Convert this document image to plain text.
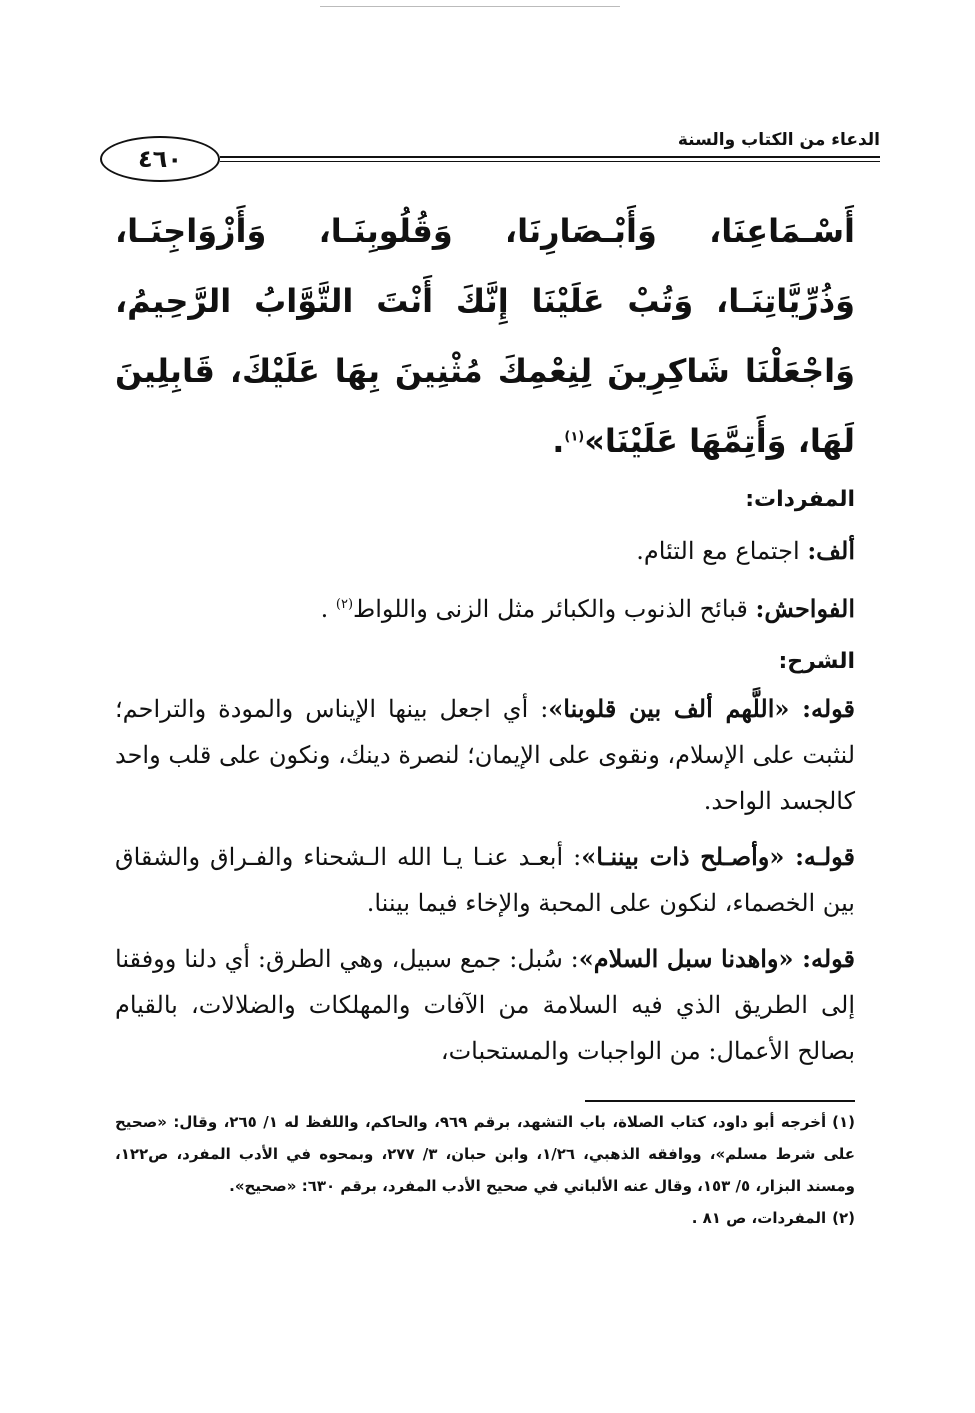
الدعاء من الكتاب والسنة
٤٦٠

أَسْـمَاعِنَا، وَأَبْـصَارِنَا، وَقُلُوبِنَـا، وَأَزْوَاجِنَـا، وَذُرِّيَّاتِنَـا، وَتُبْ عَلَيْنَا إِنَّكَ أَنْتَ التَّوَّابُ الرَّحِيمُ، وَاجْعَلْنَا شَاكِرِينَ لِنِعْمِكَ مُثْنِينَ بِهَا عَلَيْكَ، قَابِلِينَ لَهَا، وَأَتِمَّهَا عَلَيْنَا»$^{(١)}$.

المفردات:

ألف: اجتماع مع التئام.

الفواحش: قبائح الذنوب والكبائر مثل الزنى واللواط$^{(٢)}$ .

الشرح:

قوله: «اللَّهم ألف بين قلوبنا»: أي اجعل بينها الإيناس والمودة والتراحم؛ لنثبت على الإسلام، ونقوى على الإيمان؛ لنصرة دينك، ونكون على قلب واحد كالجسد الواحد.

قولـه: «وأصـلح ذات بيننـا»: أبعـد عنـا يـا الله الـشحناء والفـراق والشقاق بين الخصماء، لنكون على المحبة والإخاء فيما بيننا.

قوله: «واهدنا سبل السلام»: سُبل: جمع سبيل، وهي الطرق: أي دلنا ووفقنا إلى الطريق الذي فيه السلامة من الآفات والمهلكات والضلالات، بالقيام بصالح الأعمال: من الواجبات والمستحبات،

(١)أخرجه أبو داود، كتاب الصلاة، باب التشهد، برقم ٩٦٩، والحاكم، واللفظ له ١/ ٢٦٥، وقال: «صحيح على شرط مسلم»، ووافقه الذهبي، ١/٢٦، وابن حبان، ٣/ ٢٧٧، وبمحوه في الأدب المفرد، ص١٢٢، ومسند البزار، ٥/ ١٥٣، وقال عنه الألباني في صحيح الأدب المفرد، برقم ٦٣٠: «صحيح».

(٢)المفردات، ص ٨١ .
